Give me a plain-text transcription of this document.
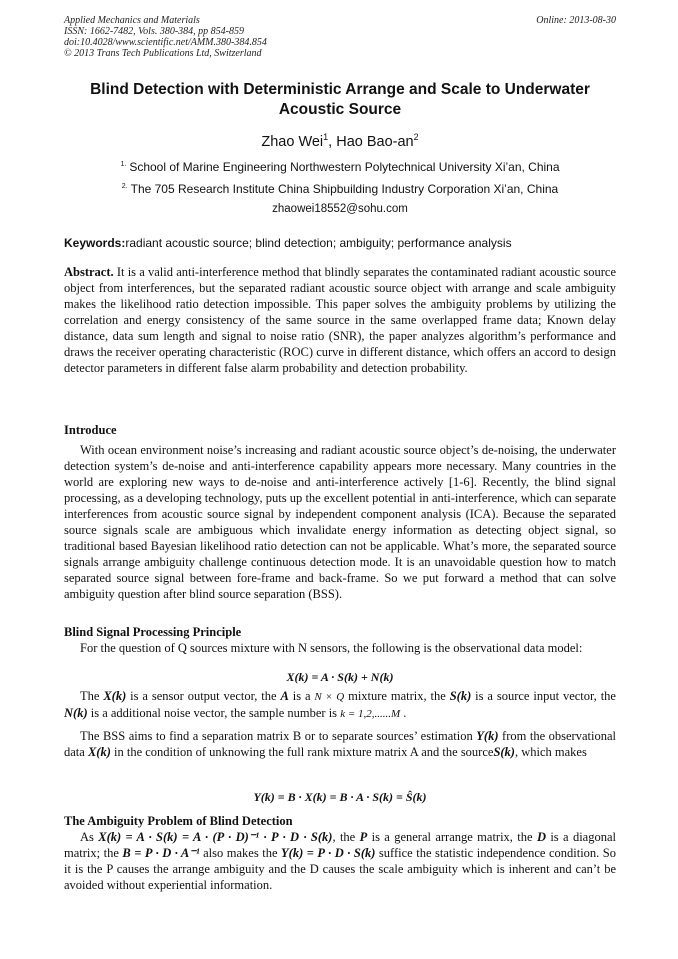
Applied Mechanics and Materials
ISSN: 1662-7482, Vols. 380-384, pp 854-859
doi:10.4028/www.scientific.net/AMM.380-384.854
© 2013 Trans Tech Publications Ltd, Switzerland
Online: 2013-08-30
Blind Detection with Deterministic Arrange and Scale to Underwater Acoustic Source
Zhao Wei$^1$, Hao Bao-$an^2$
$^{1.}$ School of Marine Engineering Northwestern Polytechnical University Xi’an, China
$^{2.}$ The 705 Research Institute China Shipbuilding Industry Corporation Xi’an, China
zhaowei18552@sohu.com
Keywords:radiant acoustic source; blind detection; ambiguity; performance analysis
Abstract. It is a valid anti-interference method that blindly separates the contaminated radiant acoustic source object from interferences, but the separated radiant acoustic source object with arrange and scale ambiguity makes the likelihood ratio detection impossible. This paper solves the ambiguity problems by utilizing the correlation and energy consistency of the same source in the same overlapped frame data; Known delay distance, data sum length and signal to noise ratio (SNR), the paper analyzes algorithm’s performance and draws the receiver operating characteristic (ROC) curve in different distance, which offers an accord to design detector parameters in different false alarm probability and detection probability.
Introduce
With ocean environment noise’s increasing and radiant acoustic source object’s de-noising, the underwater detection system’s de-noise and anti-interference capability appears more necessary. Many countries in the world are exploring new ways to de-noise and anti-interference actively [1-6]. Recently, the blind signal processing, as a developing technology, puts up the excellent potential in anti-interference, which can separate interferences from acoustic source signal by independent component analysis (ICA). Because the separated source signals scale are ambiguous which invalidate energy information as detecting object signal, so traditional based Bayesian likelihood ratio detection can not be applicable. What’s more, the separated source signals arrange ambiguity challenge continuous detection mode. It is an unavoidable question how to match separated source signal between fore-frame and back-frame. So we put forward a method that can solve ambiguity question after blind source separation (BSS).
Blind Signal Processing Principle
For the question of Q sources mixture with N sensors, the following is the observational data model:
X(k) = A · S(k) + N(k)
The X(k) is a sensor output vector, the A is a N × Q mixture matrix, the S(k) is a source input vector, the N(k) is a additional noise vector, the sample number is k = 1,2,......M .
The BSS aims to find a separation matrix B or to separate sources’ estimation Y(k) from the observational data X(k) in the condition of unknowing the full rank mixture matrix A and the sourceS(k), which makes
Y(k) = B · X(k) = B · A · S(k) = Ŝ(k)
The Ambiguity Problem of Blind Detection
As X(k) = A · S(k) = A · (P · D)⁻¹ · P · D · S(k), the P is a general arrange matrix, the D is a diagonal matrix; the B = P · D · A⁻¹ also makes the Y(k) = P · D · S(k) suffice the statistic independence condition. So it is the P causes the arrange ambiguity and the D causes the scale ambiguity which is inherent and can’t be avoided without experiential information.
